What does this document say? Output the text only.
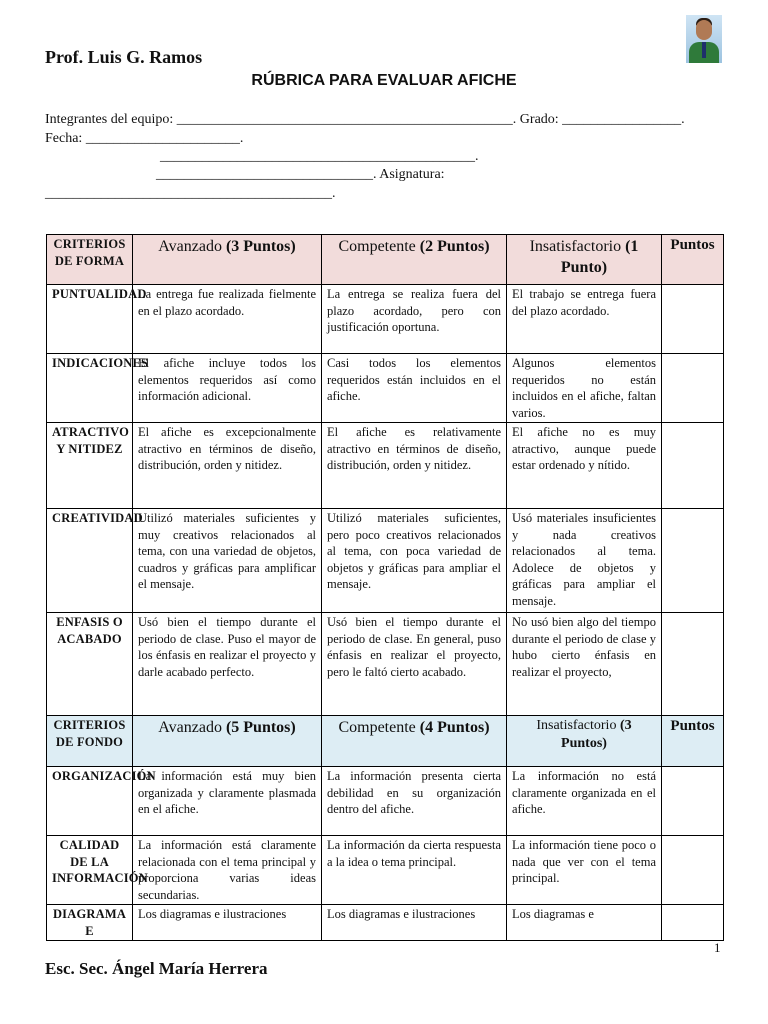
Prof. Luis G. Ramos
RÚBRICA PARA EVALUAR AFICHE
Integrantes del equipo: ________________________________________________. Grado: _________________.
Fecha: ______________________.
_____________________________________________.
_______________________________. Asignatura:
_________________________________________.
CRITERIOS DE FORMA	Avanzado (3 Puntos)	Competente (2 Puntos)	Insatisfactorio (1 Punto)	Puntos
PUNTUALIDAD	La entrega fue realizada fielmente en el plazo acordado.	La entrega se realiza fuera del plazo acordado, pero con justificación oportuna.	El trabajo se entrega fuera del plazo acordado.	
INDICACIONES	El afiche incluye todos los elementos requeridos así como información adicional.	Casi todos los elementos requeridos están incluidos en el afiche.	Algunos elementos requeridos no están incluidos en el afiche, faltan varios.	
ATRACTIVO Y NITIDEZ	El afiche es excepcionalmente atractivo en términos de diseño, distribución, orden y nitidez.	El afiche es relativamente atractivo en términos de diseño, distribución, orden y nitidez.	El afiche no es muy atractivo, aunque puede estar ordenado y nítido.	
CREATIVIDAD	Utilizó materiales suficientes y muy creativos relacionados al tema, con una variedad de objetos, cuadros y gráficas para amplificar el mensaje.	Utilizó materiales suficientes, pero poco creativos relacionados al tema, con poca variedad de objetos y gráficas para ampliar el mensaje.	Usó materiales insuficientes y nada creativos relacionados al tema. Adolece de objetos y gráficas para ampliar el mensaje.	
ENFASIS O ACABADO	Usó bien el tiempo durante el periodo de clase. Puso el mayor de los énfasis en realizar el proyecto y darle acabado perfecto.	Usó bien el tiempo durante el periodo de clase. En general, puso énfasis en realizar el proyecto, pero le faltó cierto acabado.	No usó bien algo del tiempo durante el periodo de clase y hubo cierto énfasis en realizar el proyecto,	
CRITERIOS DE FONDO	Avanzado (5 Puntos)	Competente (4 Puntos)	Insatisfactorio (3 Puntos)	Puntos
ORGANIZACIÓN	La información está muy bien organizada y claramente plasmada en el afiche.	La información presenta cierta debilidad en su organización dentro del afiche.	La información no está claramente organizada en el afiche.	
CALIDAD DE LA INFORMACIÓN	La información está claramente relacionada con el tema principal y proporciona varias ideas secundarias.	La información da cierta respuesta a la idea o tema principal.	La información tiene poco o nada que ver con el tema principal.	
DIAGRAMA E	Los diagramas e ilustraciones	Los diagramas e ilustraciones	Los diagramas e	
1
Esc. Sec. Ángel María Herrera
